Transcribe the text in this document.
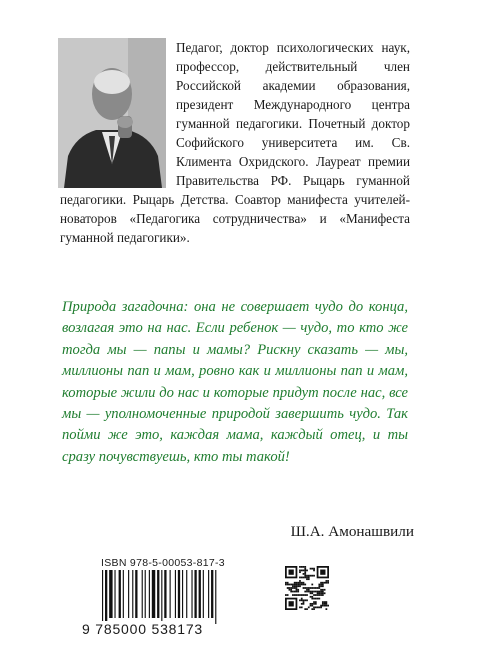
Педагог, доктор психологических наук, профессор, действительный член Российской академии образования, президент Международного центра гуманной педагогики. Почетный доктор Софийского университета им. Св. Климента Охридского. Лауреат премии Правительства РФ. Рыцарь гуманной педагогики. Рыцарь Детства. Соавтор манифеста учителей-новаторов «Педагогика сотрудничества» и «Манифеста гуманной педагогики».
Природа загадочна: она не совершает чудо до конца, возлагая это на нас. Если ребенок — чудо, то кто же тогда мы — папы и мамы? Рискну сказать — мы, миллионы пап и мам, ровно как и миллионы пап и мам, которые жили до нас и которые придут после нас, все мы — уполномоченные природой завершить чудо. Так пойми же это, каждая мама, каждый отец, и ты сразу почувствуешь, кто ты такой!
Ш.А. Амонашвили
ISBN 978-5-00053-817-3
9 785000 538173
